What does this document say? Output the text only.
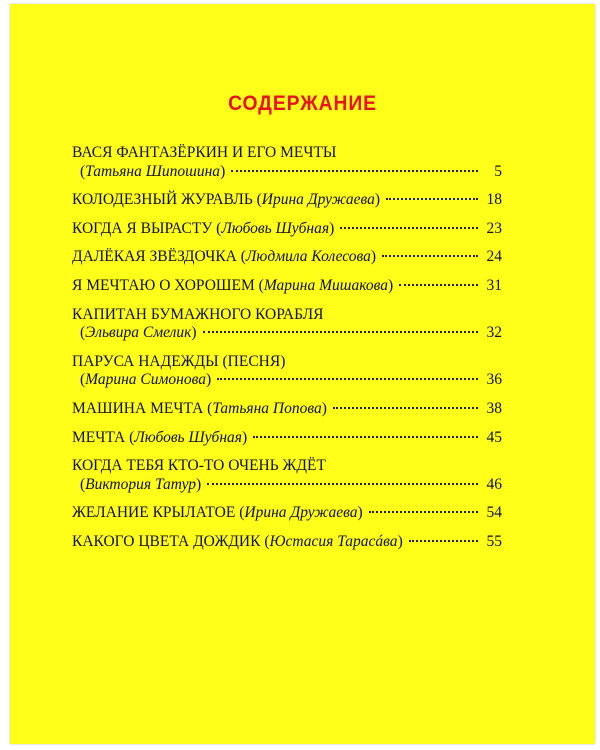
СОДЕРЖАНИЕ
ВАСЯ ФАНТАЗЁРКИН И ЕГО МЕЧТЫ
(Татьяна Шипошина)	5
КОЛОДЕЗНЫЙ ЖУРАВЛЬ (Ирина Дружаева)	18
КОГДА Я ВЫРАСТУ (Любовь Шубная)	23
ДАЛЁКАЯ ЗВЁЗДОЧКА (Людмила Колесова)	24
Я МЕЧТАЮ О ХОРОШЕМ (Марина Мишакова)	31
КАПИТАН БУМАЖНОГО КОРАБЛЯ
(Эльвира Смелик)	32
ПАРУСА НАДЕЖДЫ (ПЕСНЯ)
(Марина Симонова)	36
МАШИНА МЕЧТА (Татьяна Попова)	38
МЕЧТА (Любовь Шубная)	45
КОГДА ТЕБЯ КТО-ТО ОЧЕНЬ ЖДЁТ
(Виктория Татур)	46
ЖЕЛАНИЕ КРЫЛАТОЕ (Ирина Дружаева)	54
КАКОГО ЦВЕТА ДОЖДИК (Юстасия Тарасáва)	55
